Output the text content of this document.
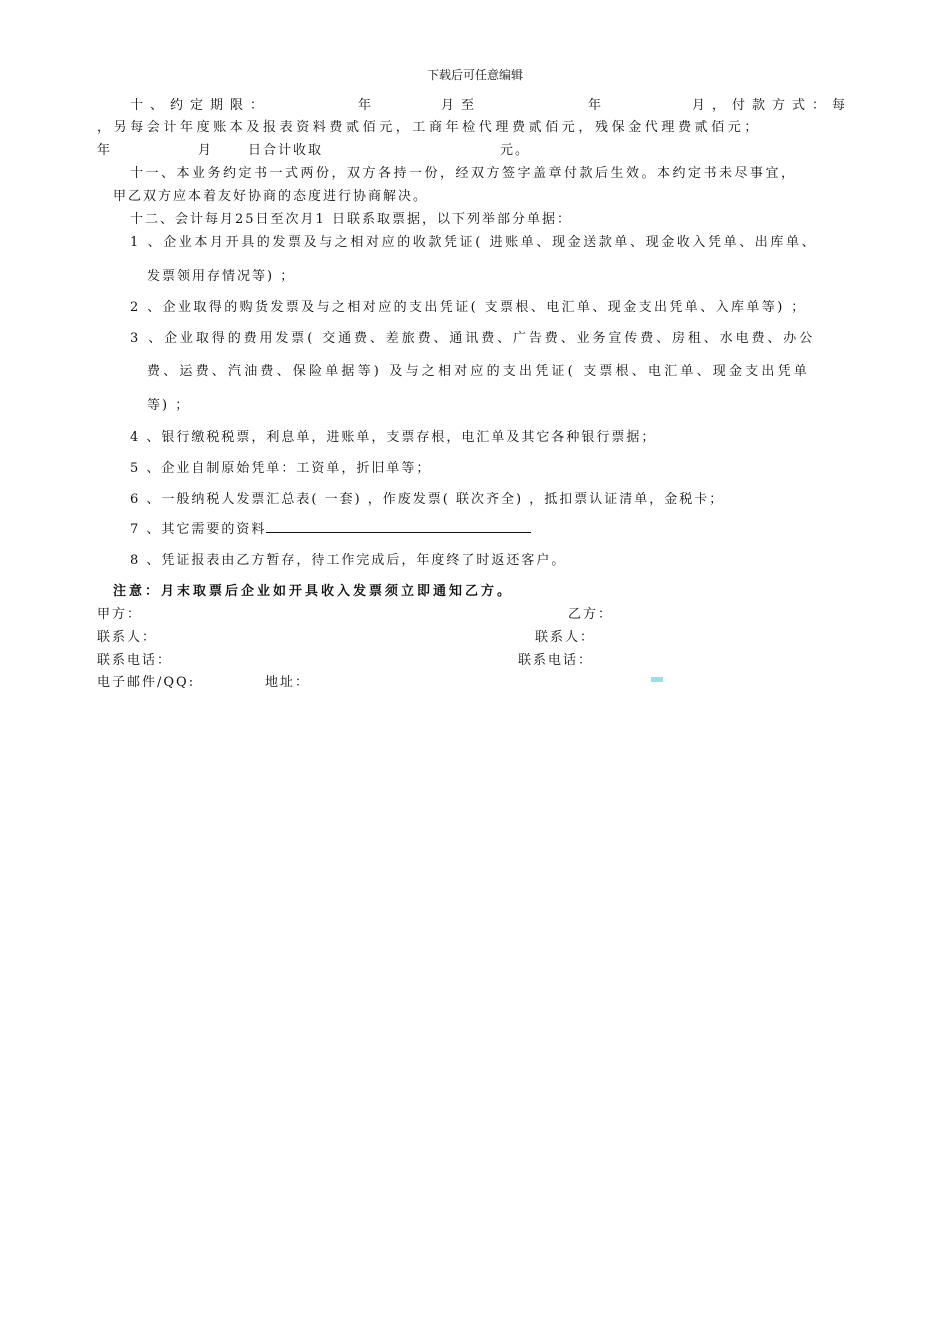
下载后可任意编辑
十、约定期限：	年	月至	年	月，付款方式：每
，另每会计年度账本及报表资料费贰佰元，工商年检代理费贰佰元，残保金代理费贰佰元；
年	月	日合计收取	元。
十一、本业务约定书一式两份，双方各持一份，经双方签字盖章付款后生效。本约定书未尽事宜，
甲乙双方应本着友好协商的态度进行协商解决。
十二、会计每月25日至次月1 日联系取票据，以下列举部分单据：
1 、企业本月开具的发票及与之相对应的收款凭证( 进账单、现金送款单、现金收入凭单、出库单、
发票领用存情况等) ；
2 、企业取得的购货发票及与之相对应的支出凭证( 支票根、电汇单、现金支出凭单、入库单等) ；
3 、企业取得的费用发票( 交通费、差旅费、通讯费、广告费、业务宣传费、房租、水电费、办公
费、运费、汽油费、保险单据等) 及与之相对应的支出凭证( 支票根、电汇单、现金支出凭单
等) ；
4 、银行缴税税票，利息单，进账单，支票存根，电汇单及其它各种银行票据；
5 、企业自制原始凭单：工资单，折旧单等；
6 、一般纳税人发票汇总表( 一套) ，作废发票( 联次齐全) ，抵扣票认证清单，金税卡；
7 、其它需要的资料
8 、凭证报表由乙方暂存，待工作完成后，年度终了时返还客户。
注意：月末取票后企业如开具收入发票须立即通知乙方。
甲方：	乙方：
联系人：	联系人：
联系电话：	联系电话：
电子邮件/QQ:	地址：
